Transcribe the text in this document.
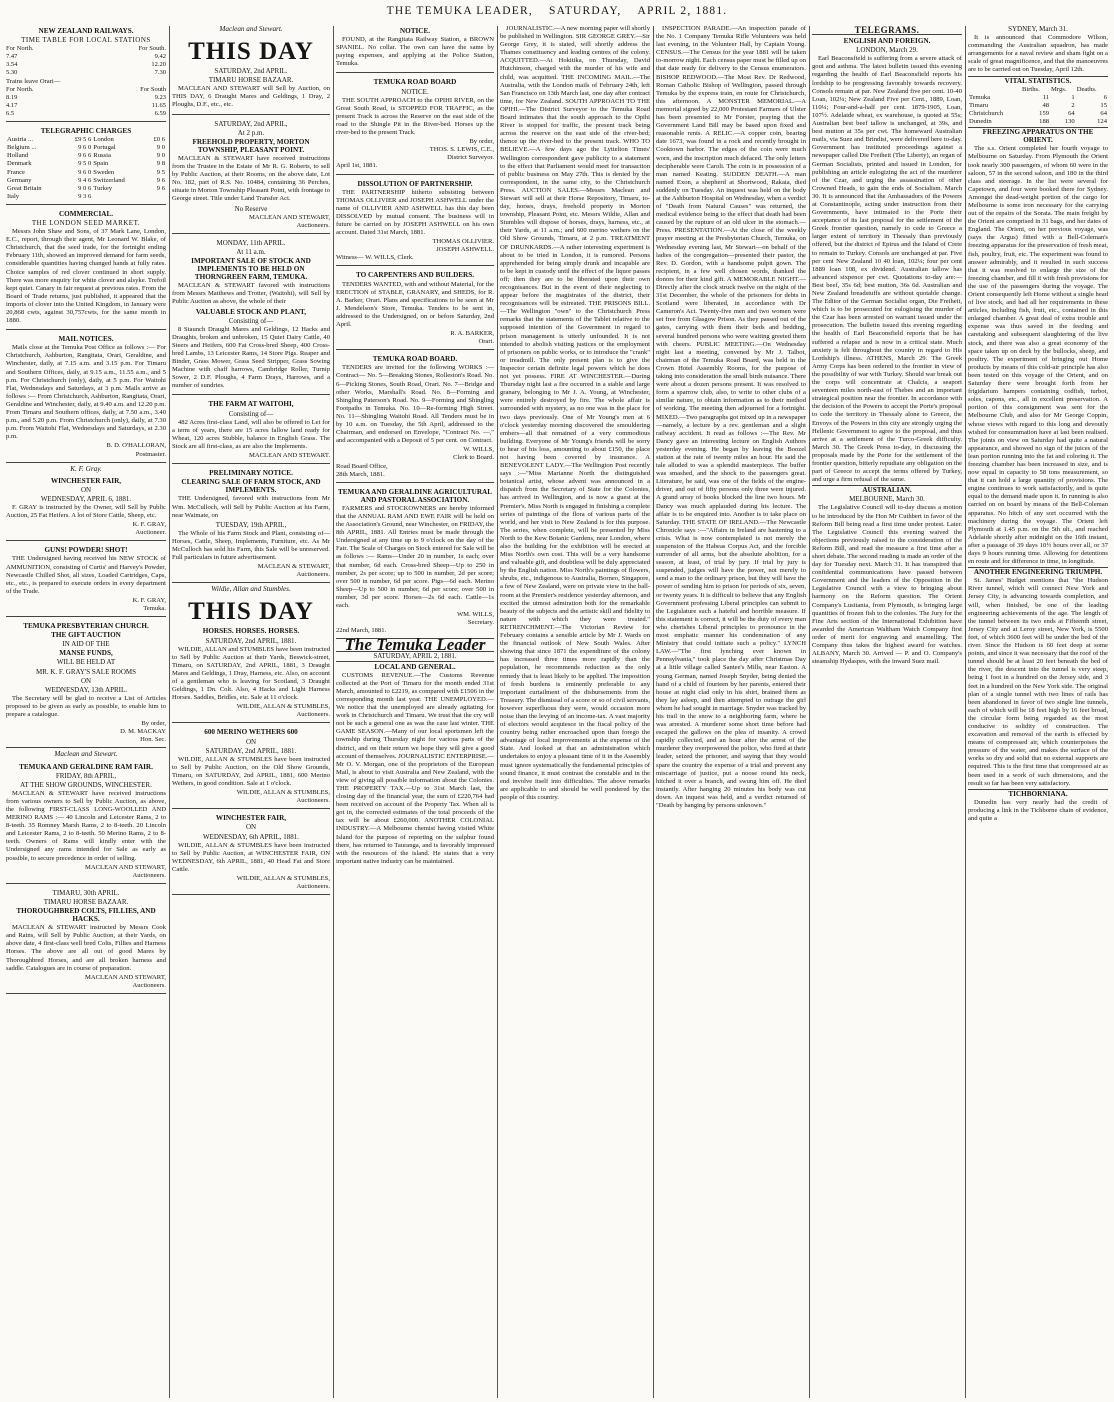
THE TEMUKA LEADER, SATURDAY, APRIL 2, 1881.
NEW ZEALAND RAILWAYS.
TIME TABLE FOR LOCAL STATIONS
For North.	For South.
7.47	9.42
3.54	12.20
5.30	7.30
Trains leave Orari—
For North.	For South
8.19	9.23
4.17	11.65
6.5	6.59
TELEGRAPHIC CHARGES
Austria ...	£9 5 6	London	£0 6
Belgium ...	9 6 0	Portugal	9 0
Holland	9 6 6	Russia	9 0
Denmark	9 5 0	Spain	9 8
France	9 6 0	Sweden	9 5
Germany	9 4 6	Switzerland	9 6
Great Britain	9 0 6	Turkey	9 6
Italy	9 3 6		
COMMERCIAL.
THE LONDON SEED MARKET.

Messrs John Shaw and Sons, of 37 Mark Lane, London, E.C., report, through their agent, Mr Leonard W. Blake, of Christchurch, that the seed trade, for the fortnight ending February 11th, showed an improved demand for farm seeds, considerable quantities having changed hands at fully rates. Choice samples of red clover continued in short supply. There was more enquiry for white clover and alsyke. Trefoil kept quiet. Canary in fair request at previous rates. From the Board of Trade returns, just published, it appeared that the imports of clover into the United Kingdom, in January were 20,868 cwts, against 30,757cwts, for the same month in 1880.

MAIL NOTICES.

Mails close at the Temuka Post Office as follows :— For Christchurch, Ashburton, Rangitata, Orari, Geraldine, and Winchester, daily, at 7.15 a.m. and 3.15 p.m. For Timaru and Southern Offices, daily, at 9.15 a.m., 11.55 a.m., and 5 p.m. For Christchurch (only), daily, at 5 p.m. For Waitohi Flat, Wednesdays and Saturdays, at 3 p.m. Mails arrive as follows :— From Christchurch, Ashburton, Rangitata, Orari, Geraldine and Winchester, daily, at 9.40 a.m. and 12.20 p.m. From Timaru and Southern offices, daily, at 7.50 a.m., 3.40 p.m., and 5.20 p.m. From Christchurch (only), daily, at 7.30 p.m. From Waitohi Flat, Wednesdays and Saturdays, at 2.30 p.m.

B. D. O'HALLORAN,
Postmaster.
K. F. Gray.
WINCHESTER FAIR,
ON
WEDNESDAY, APRIL 6, 1881.

F. GRAY is instructed by the Owner, will Sell by Public Auction, 25 Fat Heifers. A lot of Store Cattle, Sheep, etc.

K. F. GRAY,
Auctioneer.
GUNS! POWDER! SHOT!

THE Undersigned having received his NEW STOCK of AMMUNITION, consisting of Curtis' and Harvey's Powder, Newcastle Chilled Shot, all sizes, Loaded Cartridges, Caps, etc., etc., is prepared to execute orders in every department of the Trade.

K. F. GRAY,
Temuka.
TEMUKA PRESBYTERIAN CHURCH.
THE GIFT AUCTION
IN AID OF THE
MANSE FUNDS,
WILL BE HELD AT
MR. K. F. GRAY'S SALE ROOMS
ON
WEDNESDAY, 13th APRIL.

The Secretary will be glad to receive a List of Articles proposed to be given as early as possible, to enable him to prepare a catalogue.

By order,
D. M. MACKAY
Hon. Sec.
Maclean and Stewart.
TEMUKA AND GERALDINE RAM FAIR.
FRIDAY, 8th APRIL,
AT THE SHOW GROUNDS, WINCHESTER.

MACLEAN & STEWART have received instructions from various owners to Sell by Public Auction, as above, the following FIRST-CLASS LONG-WOOLLED AND MERINO RAMS :— 40 Lincoln and Leicester Rams, 2 to 8-teeth. 35 Romney Marsh Rams, 2 to 8-teeth. 20 Lincoln and Leicester Rams, 2 to 8-teeth. 50 Merino Rams, 2 to 8-teeth. Owners of Rams will kindly enter with the Undersigned any rams intended for Sale as early as possible, to secure precedence in order of selling.

MACLEAN AND STEWART,
Auctioneers.
TIMARU, 30th APRIL.
TIMARU HORSE BAZAAR.
THOROUGHBRED COLTS, FILLIES, AND HACKS.

MACLEAN & STEWART instructed by Messrs Cook and Rains, will Sell by Public Auction, at their Yards, on above date, 4 first-class well bred Colts, Fillies and Harness Horses. The above are all out of good Mares by Thoroughbred Horses, and are all broken harness and saddle. Catalogues are in course of preparation.

MACLEAN AND STEWART,
Auctioneers.
Maclean and Stewart.
THIS DAY
SATURDAY, 2nd APRIL.
TIMARU HORSE BAZAAR.

MACLEAN AND STEWART will Sell by Auction, on THIS DAY, 6 Draught Mares and Geldings, 1 Dray, 2 Ploughs, D.F., etc., etc.

SATURDAY, 2nd APRIL,
At 2 p.m.
FREEHOLD PROPERTY, MORTON TOWNSHIP, PLEASANT POINT.

MACLEAN & STEWART have received instructions from the Trustee in the Estate of Mr R. G. Roberts, to sell by Public Auction, at their Rooms, on the above date, Lot No. 182, part of R.S. No. 10484, containing 36 Perches, situate in Morton Township Pleasant Point, with frontage to George street. Title under Land Transfer Act.

No Reserve
MACLEAN AND STEWART,
Auctioneers.
MONDAY, 11th APRIL.
At 11 a.m.
IMPORTANT SALE OF STOCK AND IMPLEMENTS TO BE HELD ON THORNGREEN FARM, TEMUKA.

MACLEAN & STEWART favored with instructions from Messrs Matthews and Trotter, (Waitohi), will Sell by Public Auction as above, the whole of their

VALUABLE STOCK AND PLANT,
Consisting of—

8 Staunch Draught Mares and Geldings, 12 Hacks and Draughts, broken and unbroken, 15 Quiet Dairy Cattle, 40 Steers and Heifers, 600 Fat Cross-bred Sheep, 400 Cross-bred Lambs, 13 Leicester Rams, 14 Store Pigs. Reaper and Binder, Grass Mower, Grass Seed Stripper, Grass Sowing Machine with chaff harrows, Cambridge Roller, Turnip Sower, 2 D.F. Ploughs, 4 Farm Drays, Harrows, and a number of sundries.

THE FARM AT WAITOHI,
Consisting of—

482 Acres first-class Land, will also be offered to Let for a term of years, there are 15 acres fallow land ready for Wheat, 120 acres Stubble, balance in English Grass. The Stock are all first-class, as are also the Implements.

MACLEAN AND STEWART.
PRELIMINARY NOTICE.
CLEARING SALE OF FARM STOCK, AND IMPLEMENTS.

THE Undersigned, favored with instructions from Mr Wm. McCulloch, will Sell by Public Auction at his Farm, near Waimate, on

TUESDAY, 19th APRIL,

The Whole of his Farm Stock and Plant, consisting of— Horses, Cattle, Sheep, Implements, Furniture, etc. As Mr McCulloch has sold his Farm, this Sale will be unreserved. Full particulars in future advertisement.

MACLEAN & STEWART,
Auctioneers.
Wildie, Allan and Stumbles.
THIS DAY
HORSES. HORSES. HORSES.
SATURDAY, 2nd APRIL, 1881.

WILDIE, ALLAN and STUMBLES have been instructed to Sell by Public Auction at their Yards, Beswick-street, Timaru, on SATURDAY, 2nd APRIL, 1881, 3 Draught Mares and Geldings, 1 Dray, Harness, etc. Also, on account of a gentleman who is leaving for Scotland, 3 Draught Geldings, 1 Dn. Colt. Also, 4 Hacks and Light Harness Horses. Saddles, Bridles, etc. Sale at 11 o'clock.

WILDIE, ALLAN & STUMBLES,
Auctioneers.
600 MERINO WETHERS 600
ON
SATURDAY, 2nd APRIL, 1881.

WILDIE, ALLAN & STUMBLES have been instructed to Sell by Public Auction, on the Old Show Grounds, Timaru, on SATURDAY, 2nd APRIL, 1881, 600 Merino Wethers, in good condition. Sale at 1 o'clock.

WILDIE, ALLAN & STUMBLES,
Auctioneers.
WINCHESTER FAIR,
ON
WEDNESDAY, 6th APRIL, 1881.

WILDIE, ALLAN & STUMBLES have been instructed to Sell by Public Auction, at WINCHESTER FAIR, ON WEDNESDAY, 6th APRIL, 1881, 40 Head Fat and Store Cattle.

WILDIE, ALLAN & STUMBLES,
Auctioneers.
NOTICE.

FOUND, at the Rangitata Railway Station, a BROWN SPANIEL. No collar. The own can have the same by paying expenses, and applying at the Police Station, Temuka.

TEMUKA ROAD BOARD
NOTICE.

THE SOUTH APPROACH to the OPIHI RIVER, on the Great South Road, is STOPPED FOR TRAFFIC, as the present Track is across the Reserve on the east side of the road to the Shingle Pit in the River-bed. Horses up the river-bed to the present Track.

By order,
THOS. S. LEWIS, C.E.,
District Surveyor.
April 1st, 1881.
DISSOLUTION OF PARTNERSHIP.

THE PARTNERSHIP hitherto subsisting between THOMAS OLLIVIER and JOSEPH ASHWELL under the name of OLLIVIER AND ASHWELL has this day been DISSOLVED by mutual consent. The business will in future be carried on by JOSEPH ASHWELL on his own account. Dated 31st March, 1881.

THOMAS OLLIVIER.
JOSEPH ASHWELL.
Witness— W. WILLS, Clerk.
TO CARPENTERS AND BUILDERS.

TENDERS WANTED, with and without Material, for the ERECTION of STABLE, GRANARY, and SHEDS, for R. A. Barker, Orari. Plans and specifications to be seen at Mr J. Mendelson's Store, Temuka. Tenders to be sent in, addressed to the Undersigned, on or before Saturday, 2nd April.

R. A. BARKER,
Orari.
TEMUKA ROAD BOARD.

TENDERS are invited for the following WORKS :— Contract— No. 5—Breaking Stones, Rolleston's Road. No. 6—Picking Stones, South Road, Orari. No. 7—Bridge and other Works, Marshall's Road. No. 8—Forming and Shingling Paterson's Road. No. 9—Forming and Shingling Footpaths in Temuka. No. 10—Re-forming High Street. No. 11—Shingling Waitohi Road. All Tenders must be in by 10 a.m. on Tuesday, the 5th April, addressed to the Chairman, and endorsed on Envelope, "Contract No. —," and accompanied with a Deposit of 5 per cent. on Contract.

W. WILLS,
Clerk to Board.
Road Board Office,
28th March, 1881.
TEMUKA AND GERALDINE AGRICULTURAL AND PASTORAL ASSOCIATION.

FARMERS and STOCKOWNERS are hereby informed that the ANNUAL RAM AND EWE FAIR will be held on the Association's Ground, near Winchester, on FRIDAY, the 8th APRIL, 1881. All Entries must be made through the Undersigned at any time up to 9 o'clock on the day of the Fair. The Scale of Charges on Stock entered for Sale will be as follows :— Rams—Under 20 in number, 1s each; over that number, 6d each. Cross-bred Sheep—Up to 250 in number, 2s per score; up to 500 in number, 2d per score; over 500 in number, 6d per score. Pigs—6d each. Merino Sheep—Up to 500 in number, 6d per score; over 500 in number, 3d per score. Horses—2s 6d each. Cattle—1s each.

WM. WILLS,
Secretary.
22nd March, 1881.
The Temuka Leader
SATURDAY, APRIL 2, 1881.
LOCAL AND GENERAL.

CUSTOMS REVENUE.—The Customs Revenue collected at the Port of Timaru for the month ended 31st March, amounted to £2219, as compared with £1506 in the corresponding month last year. THE UNEMPLOYED.—We notice that the unemployed are already agitating for work in Christchurch and Timaru. We trust that the cry will not be such a general one as was the case last winter. THE GAME SEASON.—Many of our local sportsmen left the township during Thursday night for various parts of the district, and on their return we hope they will give a good account of themselves. JOURNALISTIC ENTERPRISE.—Mr O. V. Morgan, one of the proprietors of the European Mail, is about to visit Australia and New Zealand, with the view of giving all possible information about the Colonies. THE PROPERTY TAX.—Up to 31st March last, the closing day of the financial year, the sum of £220,764 had been received on account of the Property Tax. When all is got in, the corrected estimates of the total proceeds of the tax will be about £260,000. ANOTHER COLONIAL INDUSTRY.—A Melbourne chemist having visited White Island for the purpose of reporting on the sulphur found there, has returned to Tauranga, and is favorably impressed with the resources of the island. He states that a very important native industry can be maintained.

JOURNALISTIC.—A new morning paper will shortly be published in Wellington. SIR GEORGE GREY.—Sir George Grey, it is stated, will shortly address the Thames constituency and leading centres of the colony. ACQUITTED.—At Hokitika, on Thursday, David Hutchinson, charged with the murder of his wife and child, was acquitted. THE INCOMING MAIL.—The Australia, with the London mails of February 24th, left San Francisco on 13th March last, one day after contract time, for New Zealand. SOUTH APPROACH TO THE OPIHI.—The District Surveyor to the Temuka Road Board intimates that the south approach to the Opihi River is stopped for traffic, the present track being across the reserve on the east side of the river-bed; thence up the river-bed to the present track. WHO TO BELIEVE.—A few days ago the Lyttelton Times' Wellington correspondent gave publicity to a statement to the effect that Parliament would meet for transaction of public business on May 27th. This is denied by the correspondent, in the same city, to the Christchurch Press. AUCTION SALES.—Messrs Maclean and Stewart will sell at their Horse Repository, Timaru, to-day, horses, drays, freehold property in Morton township, Pleasant Point, etc. Messrs Wildie, Allan and Stumbles will dispose of horses, drays, harness, etc., at their Yards, at 11 a.m.; and 600 merino wethers on the Old Show Grounds, Timaru, at 2 p.m. TREATMENT OF DRUNKARDS.—A rather interesting experiment is about to be tried in London, it is rumored. Persons apprehended for being simply drunk and incapable are to be kept in custody until the effect of the liquor passes off; then they are to be liberated upon their own recognisances. But in the event of their neglecting to appear before the magistrates of the district, their recognisances will be estreated. THE PRISONS BILL.—The Wellington "own" to the Christchurch Press remarks that the statements of the Tablet relative to the supposed intention of the Government in regard to prison management is utterly unfounded. It is not intended to abolish visiting justices or the employment of prisoners on public works, or to introduce the "crank" or treadmill. The only present plan is to give the Inspector certain definite legal powers which he does not yet possess. FIRE AT WINCHESTER.—During Thursday night last a fire occurred in a stable and large granary, belonging to Mr J. A. Young, at Winchester, were entirely destroyed by fire. The whole affair is surrounded with mystery, as no one was in the place for two days previously. One of Mr Young's men at 6 o'clock yesterday morning discovered the smouldering embers—all that remained of a very commodious building. Everyone of Mr Young's friends will be sorry to hear of his loss, amounting to about £150, the place not having been covered by insurance. A BENEVOLENT LADY.—The Wellington Post recently says :—"Miss Marianne North the distinguished botanical artist, whose advent was announced in a dispatch from the Secretary of State for the Colonies, has arrived in Wellington, and is now a guest at the Premier's. Miss North is engaged in finishing a complete series of paintings of the flora of various parts of the world, and her visit to New Zealand is for this purpose. The series, when complete, will be presented by Miss North to the Kew Botanic Gardens, near London, where also the building for the exhibition will be erected at Miss North's own cost. This will be a very handsome and valuable gift, and doubtless will be duly appreciated by the English nation. Miss North's paintings of flowers, shrubs, etc., indigenous to Australia, Borneo, Singapore, a few of New Zealand, were on private view in the ball-room at the Premier's residence yesterday afternoon, and excited the utmost admiration both for the remarkable beauty of the subjects and the artistic skill and fidelity to nature with which they were treated." RETRENCHMENT.—The Victorian Review for February contains a sensible article by Mr J. Wards on the financial outlook of New South Wales. After showing that since 1871 the expenditure of the colony has increased three times more rapidly than the population, he recommends reduction as the only remedy that is least likely to be applied. The imposition of fresh burdens is eminently preferable to any important curtailment of the disbursements from the Treasury. The dismissal of a score or so of civil servants, however superfluous they were, would occasion more noise than the levying of an income-tax. A vast majority of electors would acquiesce in the fiscal policy of the country being rather encroached upon than forego the advantage of local improvements at the expense of the State. And looked at that an administration which undertakes to enjoy a pleasant time of it in the Assembly must ignore systematically the fundamental principles of sound finance, it must contrast the constable and in the end involve itself into difficulties. The above remarks are applicable to and should be well pondered by the people of this country.

INSPECTION PARADE.—An inspection parade of the No. 1 Company Temuka Rifle Volunteers was held last evening, in the Volunteer Hall, by Captain Young. CENSUS.—The Census for the year 1881 will be taken to-morrow night. Each census paper must be filled up on that date ready for delivery to the Census enumerators. BISHOP REDWOOD.—The Most Rev. Dr Redwood, Roman Catholic Bishop of Wellington, passed through Temuka by the express train, en route for Christchurch, this afternoon. A MONSTER MEMORIAL.—A memorial signed by 22,000 Protestant Farmers of Ulster has been presented to Mr Forster, praying that the Government Land Bill may be based upon fixed and reasonable rents. A RELIC.—A copper coin, bearing date 1673, was found in a rock and recently brought in Cooktown harbor. The edges of the coin were much worn, and the inscription much defaced. The only letters decipherable were Caroli. The coin is in possession of a man named Keating. SUDDEN DEATH.—A man named Exon, a shepherd at Shortwood, Rakaia, died suddenly on Tuesday. An inquest was held on the body at the Ashburton Hospital on Wednesday, when a verdict of "Death from Natural Causes" was returned, the medical evidence being to the effect that death had been caused by the rupture of an old ulcer in the stomach.—Press. PRESENTATION.—At the close of the weekly prayer meeting at the Presbyterian Church, Temuka, on Wednesday evening last, Mr Stewart—on behalf of the ladies of the congregation—presented their pastor, the Rev. D. Gordon, with a handsome pulpit gown. The recipient, in a few well chosen words, thanked the donors for their kind gift. A MEMORABLE NIGHT.—Directly after the clock struck twelve on the night of the 31st December, the whole of the prisoners for debts in Scotland were liberated, in accordance with Dr Cameron's Act. Twenty-five men and two women were set free from Glasgow Prison. As they passed out of the gates, carrying with them their beds and bedding, several hundred persons who were waiting greeted them with cheers. PUBLIC MEETING.—On Wednesday night last a meeting, convened by Mr J. Talbot, chairman of the Temuka Road Board, was held in the Crown Hotel Assembly Rooms, for the purpose of taking into consideration the small birds nuisance. There were about a dozen persons present. It was resolved to form a sparrow club, also, to write to other clubs of a similar nature, to obtain information as to their method of working. The meeting then adjourned for a fortnight. MIXED.—Two paragraphs got mixed up in a newspaper—namely, a lecture by a rev. gentleman and a slight railway accident. It read as follows :—The Rev. Mr Dancy gave an interesting lecture on English Authors yesterday evening. He began by leaving the Boozel station at the rate of twenty miles an hour. He said the tale alluded to was a splendid masterpiece. The buffer was smashed, and the shock to the passengers great. Literature, he said, was one of the fields of the engine-driver, and out of fifty persons only three were injured. A grand array of books blocked the line two hours. Mr Dancy was much applauded during his lecture. The affair is to be enquired into. Another is to take place on Saturday. THE STATE OF IRELAND.—The Newcastle Chronicle says :—"Affairs in Ireland are hastening to a crisis. What is now contemplated is not merely the suspension of the Habeas Corpus Act, and the forcible surrender of all arms, but the absolute abolition, for a season, at least, of trial by jury. If trial by jury is suspended, judges will have the power, not merely to send a man to the ordinary prison, but they will have the power of sending him to prison for periods of six, seven, or twenty years. It is difficult to believe that any English Government professing Liberal principles can submit to the Legislature such a hateful and horrible measure. If this statement is correct, it will be the duty of every man who cherishes Liberal principles to pronounce in the most emphatic manner his condemnation of any Ministry that could initiate such a policy." LYNCH LAW.—"The first lynching ever known in Pennsylvania," took place the day after Christmas Day at a little village called Santee's Mills, near Easton. A young German, named Joseph Snyder, being denied the hand of a child of fourteen by her parents, entered their house at night clad only in his shirt, brained them as they lay asleep, and then attempted to outrage the girl whom he had sought in marriage. Snyder was tracked by his trail in the snow to a neighboring farm, where he was arrested. A murderer some short time before had escaped the gallows on the plea of insanity. A crowd rapidly collected, and an hour after the arrest of the murderer they overpowered the police, who fired at their leader, seized the prisoner, and saying that they would spare the country the expense of a trial and prevent any miscarriage of justice, put a noose round his neck, hitched it over a branch, and swung him off. He died instantly. After hanging 20 minutes his body was cut down. An inquest was held, and a verdict returned of "Death by hanging by persons unknown."

TELEGRAMS.
ENGLISH AND FOREIGN.
LONDON, March 29.

Earl Beaconsfield is suffering from a severe attack of gout and asthma. The latest bulletin issued this evening regarding the health of Earl Beaconsfield reports his lordship to be progressing favorably towards recovery. Consols remain at par. New Zealand five per cent. 10-40 Loan, 102¼; New Zealand Five per Cent., 1889, Loan, 110¼; Four-and-a-half per cent. 1879-1905, Loan, 107½. Adelaide wheat, ex warehouse, is quoted at 55s; Australian best beef tallow is unchanged, at 39s, and best mutton at 35s per cwt. The homeward Australian mails, via Suez and Brindisi, were delivered here to-day. Government has instituted proceedings against a newspaper called Die Freiheit (The Liberty), an organ of German Socialists, printed and issued in London, for publishing an article eulogizing the act of the murderer of the Czar, and urging the assassination of other Crowned Heads, to gain the ends of Socialism. March 30. It is announced that the Ambassadors of the Powers at Constantinople, acting under instruction from their Governments, have intimated to the Porte their acceptance of its last proposal for the settlement of the Greek frontier question, namely to cede to Greece a larger extent of territory in Thessaly than previously offered, but the district of Epirus and the Island of Crete to remain to Turkey. Consols are unchanged at par. Five per cent New Zealand 10 40 loan, 102¼; four per cent 1889 loan 108, ex dividend. Australian tallow has advanced sixpence per cwt. Quotations to-day are:—Best beef, 35s 6d; best mutton, 36s 6d. Australian and New Zealand breadstuffs are without quotable change. The Editor of the German Socialist organ, Die Freiheit, which is to be prosecuted for eulogising the murder of the Czar has been arrested on warrant issued under the prosecution. The bulletin issued this evening regarding the health of Earl Beaconsfield reports that he has suffered a relapse and is now in a critical state. Much anxiety is felt throughout the country in regard to His Lordship's illness. ATHENS, March 29. The Greek Army Corps has been ordered to the frontier in view of the possibility of war with Turkey. Should war break out the corps will concentrate at Chalcis, a seaport seventeen miles north-east of Thebes and an important strategical position near the frontier. In accordance with the decision of the Powers to accept the Porte's proposal to cede the territory in Thessaly alone to Greece, the Envoys of the Powers in this city are strongly urging the Hellenic Government to agree to the proposal, and thus arrive at a settlement of the Turco-Greek difficulty. March 30. The Greek Press to-day, in discussing the proposals made by the Porte for the settlement of the frontier question, bitterly repudiate any obligation on the part of Greece to accept the terms offered by Turkey, and urge a firm refusal of the same.

AUSTRALIAN.
MELBOURNE, March 30.

The Legislative Council will to-day discuss a motion to be introduced by the Hon Mr Cuthbert in favor of the Reform Bill being read a first time under protest. Later. The Legislative Council this evening waived the objections previously raised to the consideration of the Reform Bill, and read the measure a first time after a short debate. The second reading is made an order of the day for Tuesday next. March 31. It has transpired that confidential communications have passed between Government and the leaders of the Opposition in the Legislative Council with a view to bringing about harmony on the Reform question. The Orient Company's Lusitania, from Plymouth, is bringing large quantities of frozen fish to the colonies. The Jury for the Fine Arts section of the International Exhibition have awarded the American Waltham Watch Company first order of merit for engraving and enamelling. The Company thus takes the highest award for watches. ALBANY, March 30. Arrived — P. and O. Company's steamship Hydaspes, with the inward Suez mail.

SYDNEY, March 31.

It is announced that Commodore Wilson, commanding the Australian squadron, has made arrangements for a naval review and sham fight on a scale of great magnificence, and that the manoeuvres are to be carried out on Tuesday, April 12th.

VITAL STATISTICS.
	Births.	Mrgs.	Deaths.
Temuka	11	1	6
Timaru	48	2	15
Christchurch	159	64	64
Dunedin	188	130	124
FREEZING APPARATUS ON THE ORIENT.

The s.s. Orient completed her fourth voyage to Melbourne on Saturday. From Plymouth the Orient took nearly 300 passengers, of whom 60 were in the saloon, 57 in the second saloon, and 180 in the third class and steerage. In the list were several for Capetown, and four were booked there for Sydney. Amongst the dead-weight portion of the cargo for Melbourne is some iron necessary for the carrying out of the repairs of the Sorata. The main freight by the Orient are comprised in 31 bags, and her dates of England. The Orient, on her previous voyage, was (says the Argus) fitted with a Bell-Coleman's freezing apparatus for the preservation of fresh meat, fish, poultry, fruit, etc. The experiment was found to answer admirably, and it resulted in such success that it was resolved to enlarge the size of the freezing chamber, and fill it with fresh provisions for the use of the passengers during the voyage. The Orient consequently left Home without a single head of live stock, and had all her requirements in these articles, including fish, fruit, etc., contained in this enlarged chamber. A great deal of extra trouble and expense was thus saved in the feeding and caretaking and subsequent slaughtering of the live stock, and there was also a great economy of the space taken up on deck by the bullocks, sheep, and poultry. The experiment of bringing out Home products by means of this cold-air principle has also been tested on this voyage of the Orient, and on Saturday there were brought forth from her frigidarium hampers containing codfish, turbot, soles, capons, etc., all in excellent preservation. A portion of this consignment was sent for the Melbourne Club, and also for Mr George Coppin, whose views with regard to this long and devoutly wished for consummation have at last been realised. The joints on view on Saturday had quite a natural appearance, and showed no sign of the juices of the lean portion running into the fat and coloring it. The freezing chamber has been increased in size, and is now equal in capacity to 58 tons measurement, so that it can hold a large quantity of provisions. The engine continues to work satisfactorily, and is quite equal to the demand made upon it. In running is also carried on on board by means of the Bell-Coleman apparatus. No hitch of any sort occurred with the machinery during the voyage. The Orient left Plymouth at 1.45 p.m. on the 5th ult., and reached Adelaide shortly after midnight on the 16th instant, after a passage of 39 days 10½ hours over all, or 37 days 9 hours running time. Allowing for detentions en route and for difference in time, in longitude.

ANOTHER ENGINEERING TRIUMPH.

St. James' Budget mentions that "the Hudson River tunnel, which will connect New York and Jersey City, is advancing towards completion, and will, when finished, be one of the leading engineering achievements of the age. The length of the tunnel between its two ends at Fifteenth street, Jersey City and at Leroy street, New York, is 5500 feet, of which 3600 feet will be under the bed of the river. Since the Hudson is 60 feet deep at some points, and since it was necessary that the roof of the tunnel should be at least 20 feet beneath the bed of the river, the descent into the tunnel is very steep, being 1 foot in a hundred on the Jersey side, and 3 feet in a hundred on the New York side. The original plan of a single tunnel with two lines of rails has been abandoned in favor of two single line tunnels, each of which will be 18 feet high by 16 feet broad, the circular form being regarded as the most conducive to solidity of construction. The excavation and removal of the earth is effected by means of compressed air, which counterpoises the pressure of the water, and makes the surface of the works so dry and solid that no external supports are required. This is the first time that compressed air as been used in a work of such dimensions, and the result so far has been very satisfactory.

TICHBORNIANA.

Dunedin has very nearly had the credit of producing a link in the Tichborne chain of evidence, and quite a
